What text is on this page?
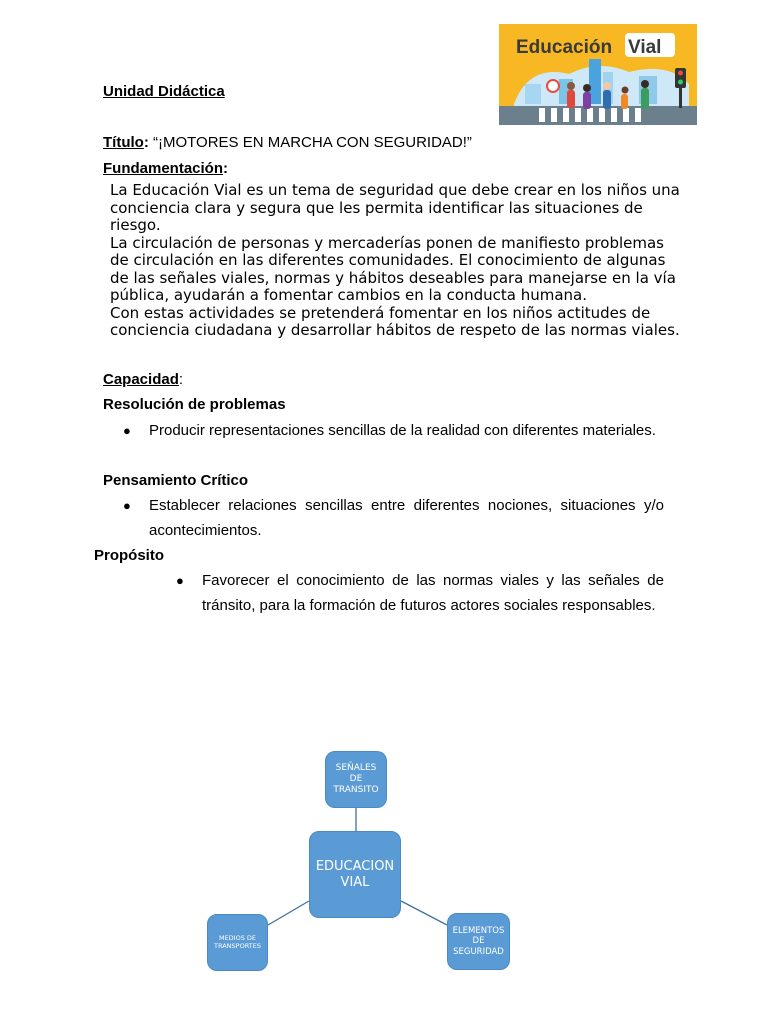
Educación Vial
Unidad Didáctica
Título: “¡MOTORES EN MARCHA CON SEGURIDAD!”
Fundamentación:

La Educación Vial es un tema de seguridad que debe crear en los niños una conciencia clara y segura que les permita identificar las situaciones de riesgo.

La circulación de personas y mercaderías ponen de manifiesto problemas de circulación en las diferentes comunidades. El conocimiento de algunas de las señales viales, normas y hábitos deseables para manejarse en la vía pública, ayudarán a fomentar cambios en la conducta humana.

Con estas actividades se pretenderá fomentar en los niños actitudes de conciencia ciudadana y desarrollar hábitos de respeto de las normas viales.

Capacidad:
Resolución de problemas
●	Producir representaciones sencillas de la realidad con diferentes materiales.
Pensamiento Crítico
●	Establecer relaciones sencillas entre diferentes nociones, situaciones y/o acontecimientos.
Propósito
●	Favorecer el conocimiento de las normas viales y las señales de tránsito, para la formación de futuros actores sociales responsables.
SEÑALES
DE
TRANSITO
EDUCACION
VIAL
MEDIOS DE
TRANSPORTES
ELEMENTOS
DE
SEGURIDAD
